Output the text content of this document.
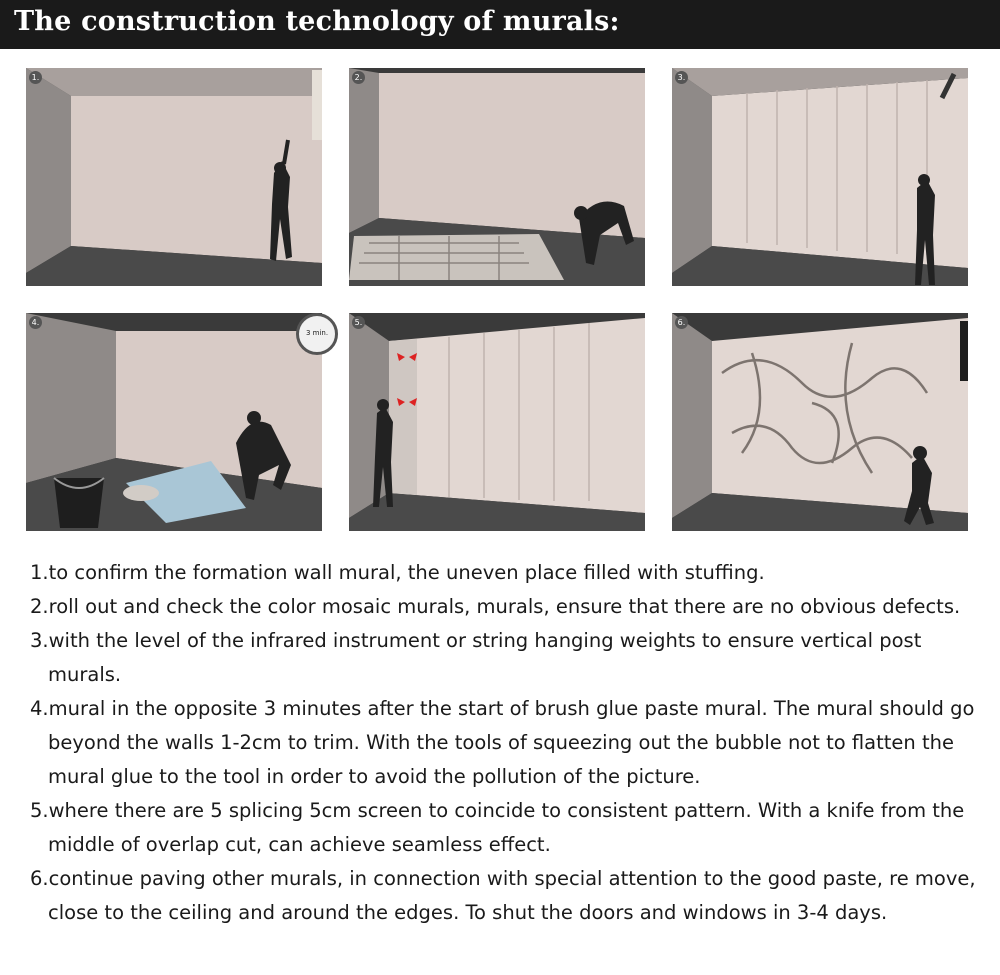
The construction technology of murals:
1.	2.	3.
3 min.
4.	5.	6.

1.to confirm the formation wall mural, the uneven place filled with stuffing.

2.roll out and check the color mosaic murals, murals, ensure that there are no obvious defects.

3.with the level of the infrared instrument or string hanging weights to ensure vertical post murals.

4.mural in the opposite 3 minutes after the start of brush glue paste mural. The mural should go beyond the walls 1-2cm to trim. With the tools of squeezing out the bubble not to flatten the mural glue to the tool in order to avoid the pollution of the picture.

5.where there are 5 splicing 5cm screen to coincide to consistent pattern. With a knife from the middle of overlap cut, can achieve seamless effect.

6.continue paving other murals, in connection with special attention to the good paste, re move, close to the ceiling and around the edges. To shut the doors and windows in 3-4 days.
